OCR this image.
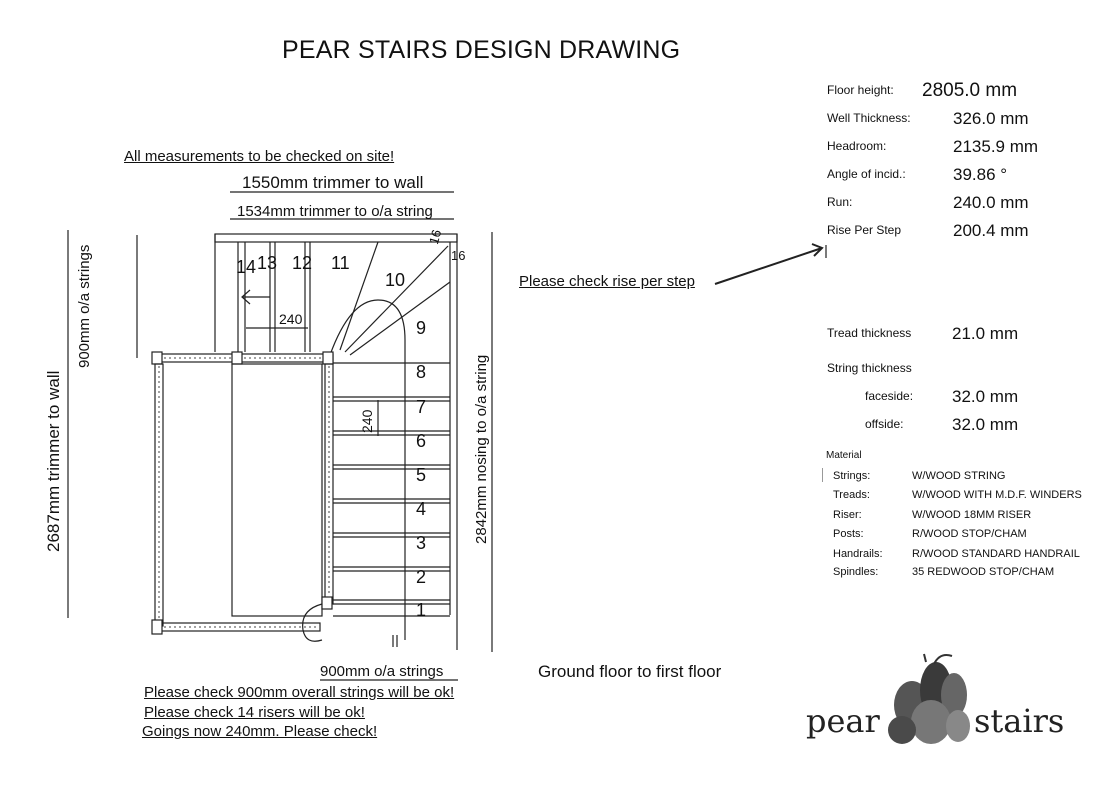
PEAR STAIRS DESIGN DRAWING
All measurements to be checked on site!
1550mm trimmer to wall
1534mm trimmer to o/a string
900mm o/a strings
2687mm trimmer to wall	2842mm nosing to o/a string
240
240
16
16
1
2
3
4
5
6
7
8
9
10
11
12
13
14
900mm o/a strings
Please check rise per step
Please check 900mm overall strings will be ok!
Please check 14 risers will be ok!
Goings now 240mm. Please check!
Ground floor to first floor
Floor height: 2805.0 mm
Well Thickness: 326.0 mm
Headroom:	2135.9 mm
Angle of incid.:	39.86 °
Run:	240.0 mm
Rise Per Step	200.4 mm
Tread thickness 21.0 mm
String thickness
faceside: 32.0 mm
offside:	32.0 mm
Material
Strings:	W/WOOD STRING
Treads:	W/WOOD WITH M.D.F. WINDERS
Riser:	W/WOOD 18MM RISER
Posts:	R/WOOD STOP/CHAM
Handrails:	R/WOOD STANDARD HANDRAIL
Spindles:	35 REDWOOD STOP/CHAM
pear	stairs
